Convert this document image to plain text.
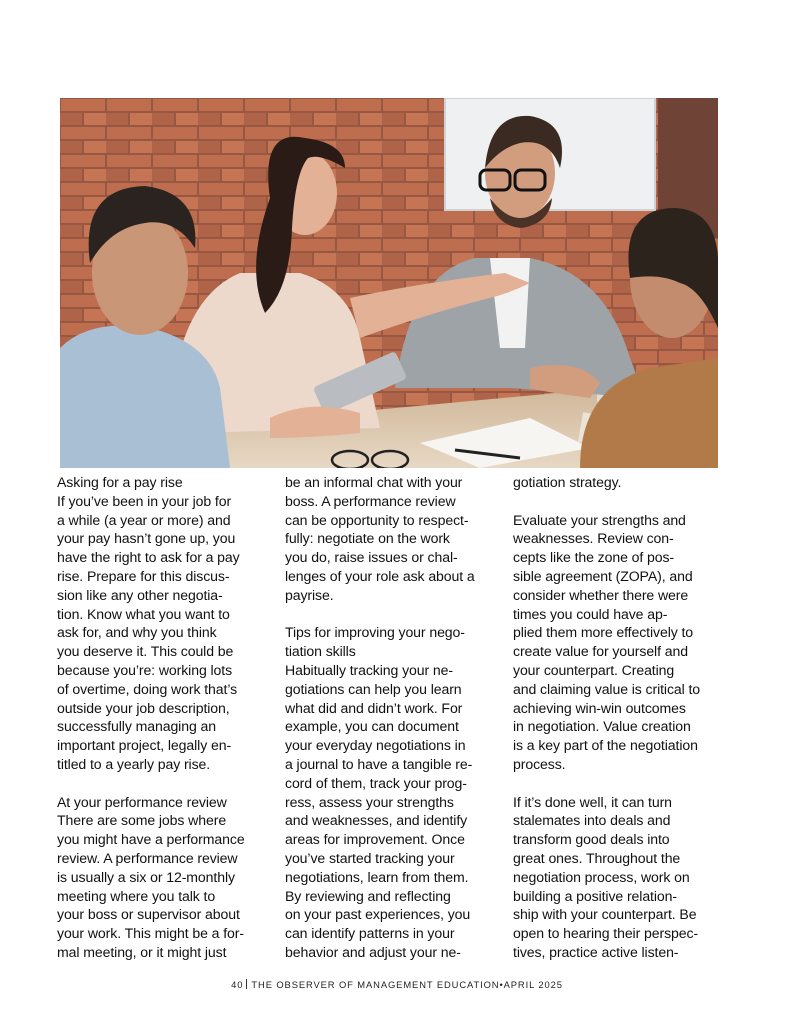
Asking for a pay rise

If you’ve been in your job for

a while (a year or more) and

your pay hasn’t gone up, you

have the right to ask for a pay

rise. Prepare for this discus-

sion like any other negotia-

tion. Know what you want to

ask for, and why you think

you deserve it. This could be

because you’re: working lots

of overtime, doing work that’s

outside your job description,

successfully managing an

important project, legally en-

titled to a yearly pay rise.

At your performance review

There are some jobs where

you might have a performance

review. A performance review

is usually a six or 12-monthly

meeting where you talk to

your boss or supervisor about

your work. This might be a for-

mal meeting, or it might just

be an informal chat with your

boss. A performance review

can be opportunity to respect-

fully: negotiate on the work

you do, raise issues or chal-

lenges of your role ask about a

payrise.

Tips for improving your nego-

tiation skills

Habitually tracking your ne-

gotiations can help you learn

what did and didn’t work. For

example, you can document

your everyday negotiations in

a journal to have a tangible re-

cord of them, track your prog-

ress, assess your strengths

and weaknesses, and identify

areas for improvement. Once

you’ve started tracking your

negotiations, learn from them.

By reviewing and reflecting

on your past experiences, you

can identify patterns in your

behavior and adjust your ne-

gotiation strategy.

Evaluate your strengths and

weaknesses. Review con-

cepts like the zone of pos-

sible agreement (ZOPA), and

consider whether there were

times you could have ap-

plied them more effectively to

create value for yourself and

your counterpart. Creating

and claiming value is critical to

achieving win-win outcomes

in negotiation. Value creation

is a key part of the negotiation

process.

If it’s done well, it can turn

stalemates into deals and

transform good deals into

great ones. Throughout the

negotiation process, work on

building a positive relation-

ship with your counterpart. Be

open to hearing their perspec-

tives, practice active listen-

40 THE OBSERVER OF MANAGEMENT EDUCATION•APRIL 2025
